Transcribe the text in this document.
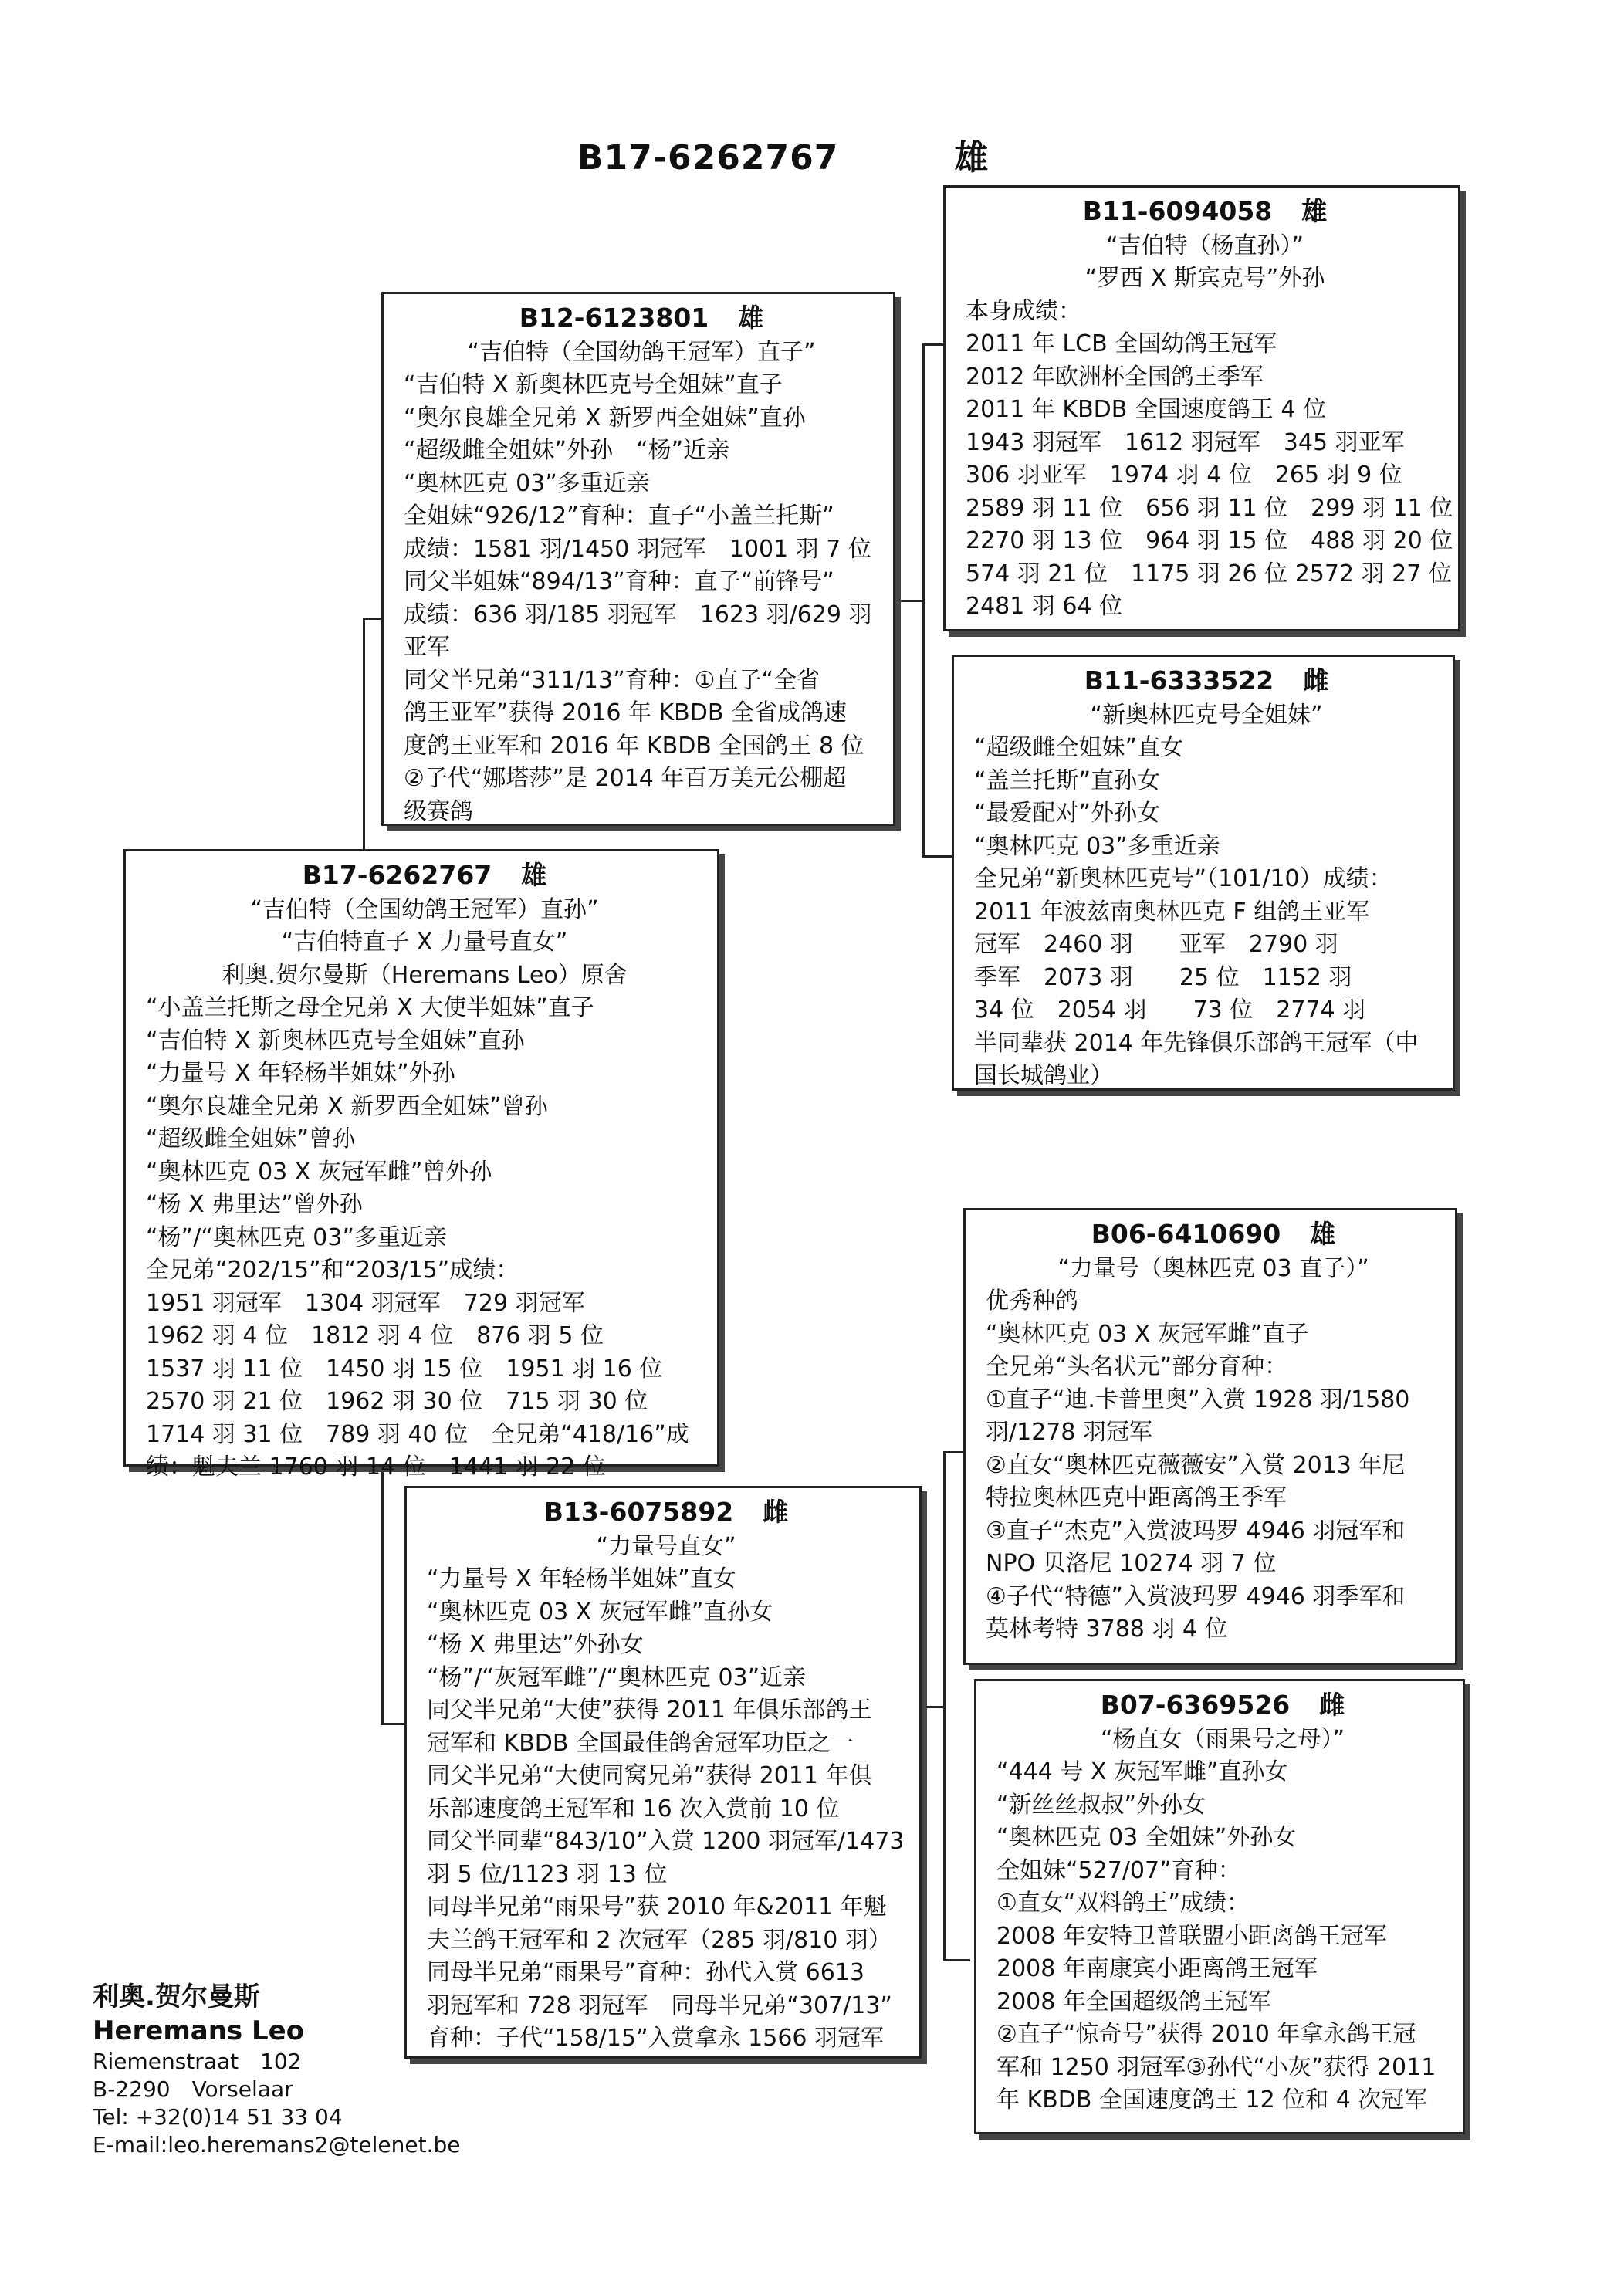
B17-6262767	雄
B12-6123801 雄
“吉伯特（全国幼鸽王冠军）直子”
“吉伯特 X 新奥林匹克号全姐妹”直子
“奥尔良雄全兄弟 X 新罗西全姐妹”直孙
“超级雌全姐妹”外孙　“杨”近亲
“奥林匹克 03”多重近亲
全姐妹“926/12”育种：直子“小盖兰托斯”
成绩：1581 羽/1450 羽冠军　1001 羽 7 位
同父半姐妹“894/13”育种：直子“前锋号”
成绩：636 羽/185 羽冠军　1623 羽/629 羽
亚军
同父半兄弟“311/13”育种：①直子“全省
鸽王亚军”获得 2016 年 KBDB 全省成鸽速
度鸽王亚军和 2016 年 KBDB 全国鸽王 8 位
②子代“娜塔莎”是 2014 年百万美元公棚超
级赛鸽
B11-6094058 雄
“吉伯特（杨直孙）”
“罗西 X 斯宾克号”外孙
本身成绩：
2011 年 LCB 全国幼鸽王冠军
2012 年欧洲杯全国鸽王季军
2011 年 KBDB 全国速度鸽王 4 位
1943 羽冠军　1612 羽冠军　345 羽亚军
306 羽亚军　1974 羽 4 位　265 羽 9 位
2589 羽 11 位　656 羽 11 位　299 羽 11 位
2270 羽 13 位　964 羽 15 位　488 羽 20 位
574 羽 21 位　1175 羽 26 位 2572 羽 27 位
2481 羽 64 位
B11-6333522 雌
“新奥林匹克号全姐妹”
“超级雌全姐妹”直女
“盖兰托斯”直孙女
“最爱配对”外孙女
“奥林匹克 03”多重近亲
全兄弟“新奥林匹克号”（101/10）成绩：
2011 年波兹南奥林匹克 F 组鸽王亚军
冠军　2460 羽　　亚军　2790 羽
季军　2073 羽　　25 位　1152 羽
34 位　2054 羽　　73 位　2774 羽
半同辈获 2014 年先锋俱乐部鸽王冠军（中
国长城鸽业）
B17-6262767 雄
“吉伯特（全国幼鸽王冠军）直孙”
“吉伯特直子 X 力量号直女”
利奥.贺尔曼斯（Heremans Leo）原舍
“小盖兰托斯之母全兄弟 X 大使半姐妹”直子
“吉伯特 X 新奥林匹克号全姐妹”直孙
“力量号 X 年轻杨半姐妹”外孙
“奥尔良雄全兄弟 X 新罗西全姐妹”曾孙
“超级雌全姐妹”曾孙
“奥林匹克 03 X 灰冠军雌”曾外孙
“杨 X 弗里达”曾外孙
“杨”/“奥林匹克 03”多重近亲
全兄弟“202/15”和“203/15”成绩：
1951 羽冠军　1304 羽冠军　729 羽冠军
1962 羽 4 位　1812 羽 4 位　876 羽 5 位
1537 羽 11 位　1450 羽 15 位　1951 羽 16 位
2570 羽 21 位　1962 羽 30 位　715 羽 30 位
1714 羽 31 位　789 羽 40 位　全兄弟“418/16”成
绩：魁夫兰 1760 羽 14 位　1441 羽 22 位
B13-6075892 雌
“力量号直女”
“力量号 X 年轻杨半姐妹”直女
“奥林匹克 03 X 灰冠军雌”直孙女
“杨 X 弗里达”外孙女
“杨”/“灰冠军雌”/“奥林匹克 03”近亲
同父半兄弟“大使”获得 2011 年俱乐部鸽王
冠军和 KBDB 全国最佳鸽舍冠军功臣之一
同父半兄弟“大使同窝兄弟”获得 2011 年俱
乐部速度鸽王冠军和 16 次入赏前 10 位
同父半同辈“843/10”入赏 1200 羽冠军/1473
羽 5 位/1123 羽 13 位
同母半兄弟“雨果号”获 2010 年&2011 年魁
夫兰鸽王冠军和 2 次冠军（285 羽/810 羽）
同母半兄弟“雨果号”育种：孙代入赏 6613
羽冠军和 728 羽冠军　同母半兄弟“307/13”
育种：子代“158/15”入赏拿永 1566 羽冠军
B06-6410690 雄
“力量号（奥林匹克 03 直子）”
优秀种鸽
“奥林匹克 03 X 灰冠军雌”直子
全兄弟“头名状元”部分育种：
①直子“迪.卡普里奥”入赏 1928 羽/1580
羽/1278 羽冠军
②直女“奥林匹克薇薇安”入赏 2013 年尼
特拉奥林匹克中距离鸽王季军
③直子“杰克”入赏波玛罗 4946 羽冠军和
NPO 贝洛尼 10274 羽 7 位
④子代“特德”入赏波玛罗 4946 羽季军和
莫林考特 3788 羽 4 位
B07-6369526 雌
“杨直女（雨果号之母）”
“444 号 X 灰冠军雌”直孙女
“新丝丝叔叔”外孙女
“奥林匹克 03 全姐妹”外孙女
全姐妹“527/07”育种：
①直女“双料鸽王”成绩：
2008 年安特卫普联盟小距离鸽王冠军
2008 年南康宾小距离鸽王冠军
2008 年全国超级鸽王冠军
②直子“惊奇号”获得 2010 年拿永鸽王冠
军和 1250 羽冠军③孙代“小灰”获得 2011
年 KBDB 全国速度鸽王 12 位和 4 次冠军
利奥.贺尔曼斯
Heremans Leo
Riemenstraat　102
B-2290　Vorselaar
Tel: +32(0)14 51 33 04
E-mail:leo.heremans2@telenet.be
